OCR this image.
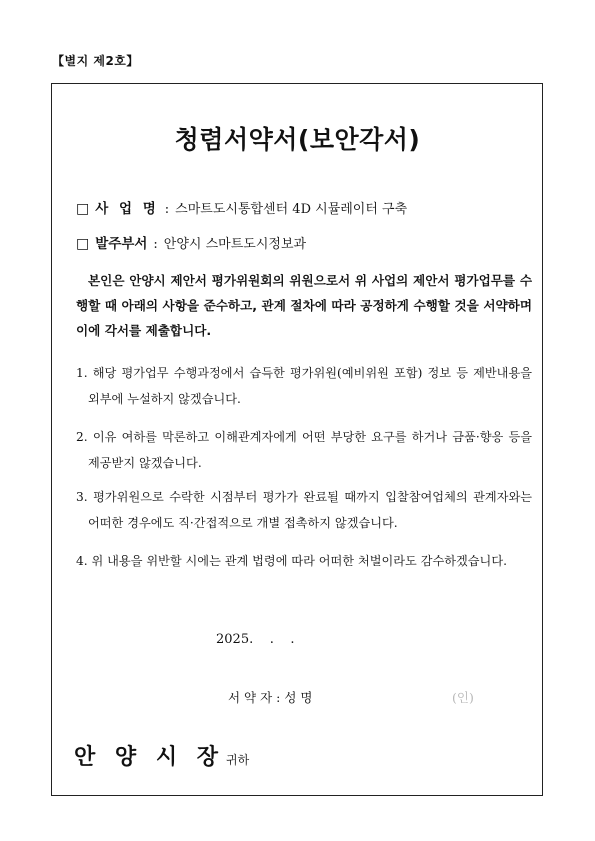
【별지 제2호】
청렴서약서(보안각서)
□ 사 업 명 : 스마트도시통합센터 4D 시뮬레이터 구축
□ 발주부서 : 안양시 스마트도시정보과
본인은 안양시 제안서 평가위원회의 위원으로서 위 사업의 제안서 평가업무를 수행할 때 아래의 사항을 준수하고, 관계 절차에 따라 공정하게 수행할 것을 서약하며 이에 각서를 제출합니다.
1. 해당 평가업무 수행과정에서 습득한 평가위원(예비위원 포함) 정보 등 제반내용을 외부에 누설하지 않겠습니다.
2. 이유 여하를 막론하고 이해관계자에게 어떤 부당한 요구를 하거나 금품·향응 등을 제공받지 않겠습니다.
3. 평가위원으로 수락한 시점부터 평가가 완료될 때까지 입찰참여업체의 관계자와는 어떠한 경우에도 직·간접적으로 개별 접촉하지 않겠습니다.
4. 위 내용을 위반할 시에는 관계 법령에 따라 어떠한 처벌이라도 감수하겠습니다.
2025.    .    .
서 약 자 : 성 명	(인)
안 양 시 장 귀하
